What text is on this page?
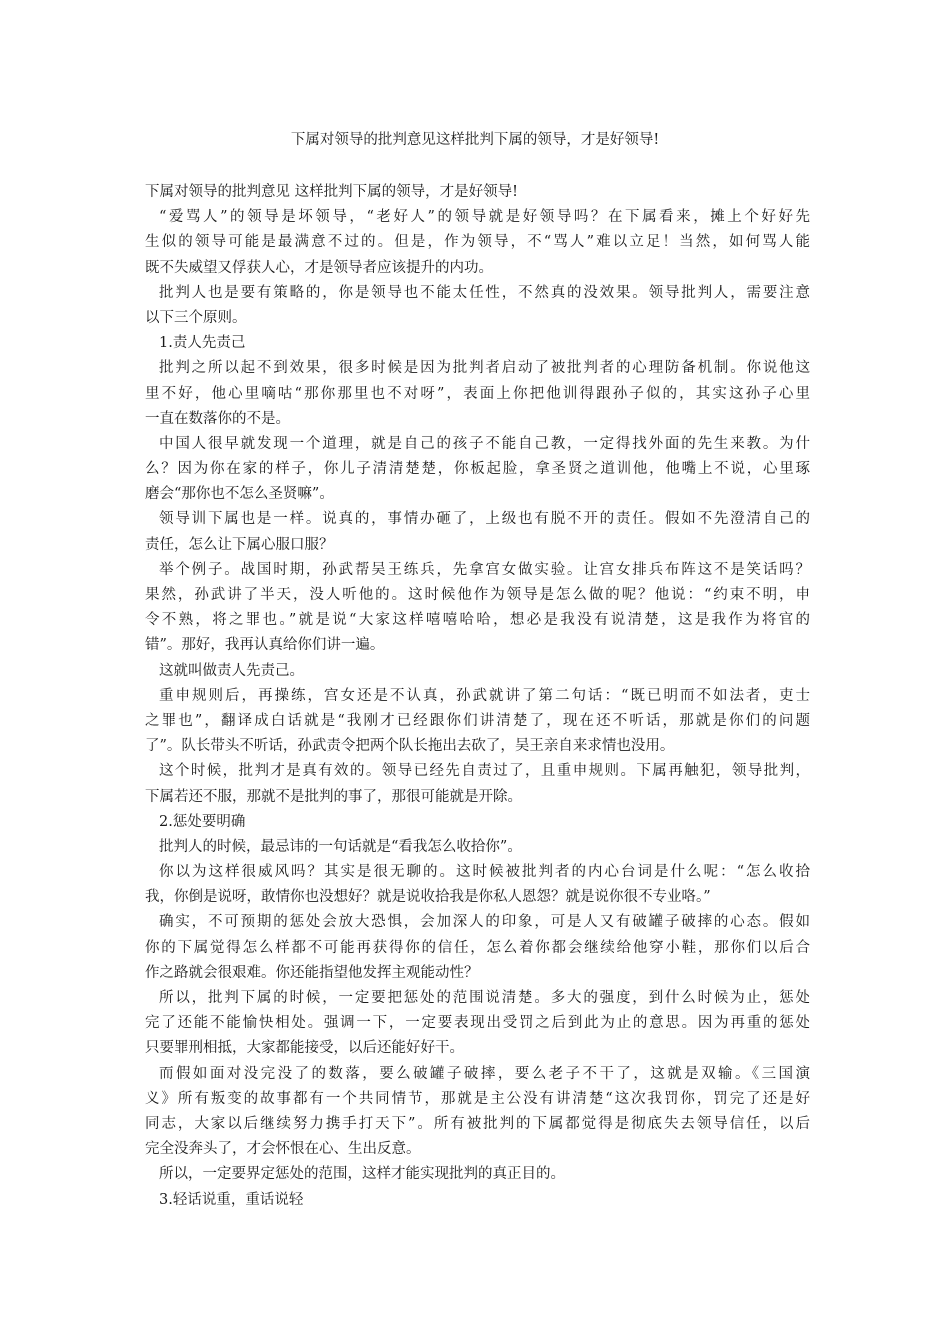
下属对领导的批判意见这样批判下属的领导，才是好领导!

下属对领导的批判意见 这样批判下属的领导，才是好领导!

“爱骂人”的领导是坏领导，“老好人”的领导就是好领导吗？在下属看来，摊上个好好先

生似的领导可能是最满意不过的。但是，作为领导，不“骂人”难以立足！当然，如何骂人能

既不失威望又俘获人心，才是领导者应该提升的内功。

批判人也是要有策略的，你是领导也不能太任性，不然真的没效果。领导批判人，需要注意

以下三个原则。

1.责人先责己

批判之所以起不到效果，很多时候是因为批判者启动了被批判者的心理防备机制。你说他这

里不好，他心里嘀咕“那你那里也不对呀”，表面上你把他训得跟孙子似的，其实这孙子心里

一直在数落你的不是。

中国人很早就发现一个道理，就是自己的孩子不能自己教，一定得找外面的先生来教。为什

么？因为你在家的样子，你儿子清清楚楚，你板起脸，拿圣贤之道训他，他嘴上不说，心里琢

磨会“那你也不怎么圣贤嘛”。

领导训下属也是一样。说真的，事情办砸了，上级也有脱不开的责任。假如不先澄清自己的

责任，怎么让下属心服口服？

举个例子。战国时期，孙武帮吴王练兵，先拿宫女做实验。让宫女排兵布阵这不是笑话吗？

果然，孙武讲了半天，没人听他的。这时候他作为领导是怎么做的呢？他说：“约束不明，申

令不熟，将之罪也。”就是说“大家这样嘻嘻哈哈，想必是我没有说清楚，这是我作为将官的

错”。那好，我再认真给你们讲一遍。

这就叫做责人先责己。

重申规则后，再操练，宫女还是不认真，孙武就讲了第二句话：“既已明而不如法者，吏士

之罪也”，翻译成白话就是“我刚才已经跟你们讲清楚了，现在还不听话，那就是你们的问题

了”。队长带头不听话，孙武责令把两个队长拖出去砍了，吴王亲自来求情也没用。

这个时候，批判才是真有效的。领导已经先自责过了，且重申规则。下属再触犯，领导批判，

下属若还不服，那就不是批判的事了，那很可能就是开除。

2.惩处要明确

批判人的时候，最忌讳的一句话就是“看我怎么收拾你”。

你以为这样很威风吗？其实是很无聊的。这时候被批判者的内心台词是什么呢：“怎么收拾

我，你倒是说呀，敢情你也没想好？就是说收拾我是你私人恩怨？就是说你很不专业咯。”

确实，不可预期的惩处会放大恐惧，会加深人的印象，可是人又有破罐子破摔的心态。假如

你的下属觉得怎么样都不可能再获得你的信任，怎么着你都会继续给他穿小鞋，那你们以后合

作之路就会很艰难。你还能指望他发挥主观能动性？

所以，批判下属的时候，一定要把惩处的范围说清楚。多大的强度，到什么时候为止，惩处

完了还能不能愉快相处。强调一下，一定要表现出受罚之后到此为止的意思。因为再重的惩处

只要罪刑相抵，大家都能接受，以后还能好好干。

而假如面对没完没了的数落，要么破罐子破摔，要么老子不干了，这就是双输。《三国演

义》所有叛变的故事都有一个共同情节，那就是主公没有讲清楚“这次我罚你，罚完了还是好

同志，大家以后继续努力携手打天下”。所有被批判的下属都觉得是彻底失去领导信任，以后

完全没奔头了，才会怀恨在心、生出反意。

所以，一定要界定惩处的范围，这样才能实现批判的真正目的。

3.轻话说重，重话说轻
